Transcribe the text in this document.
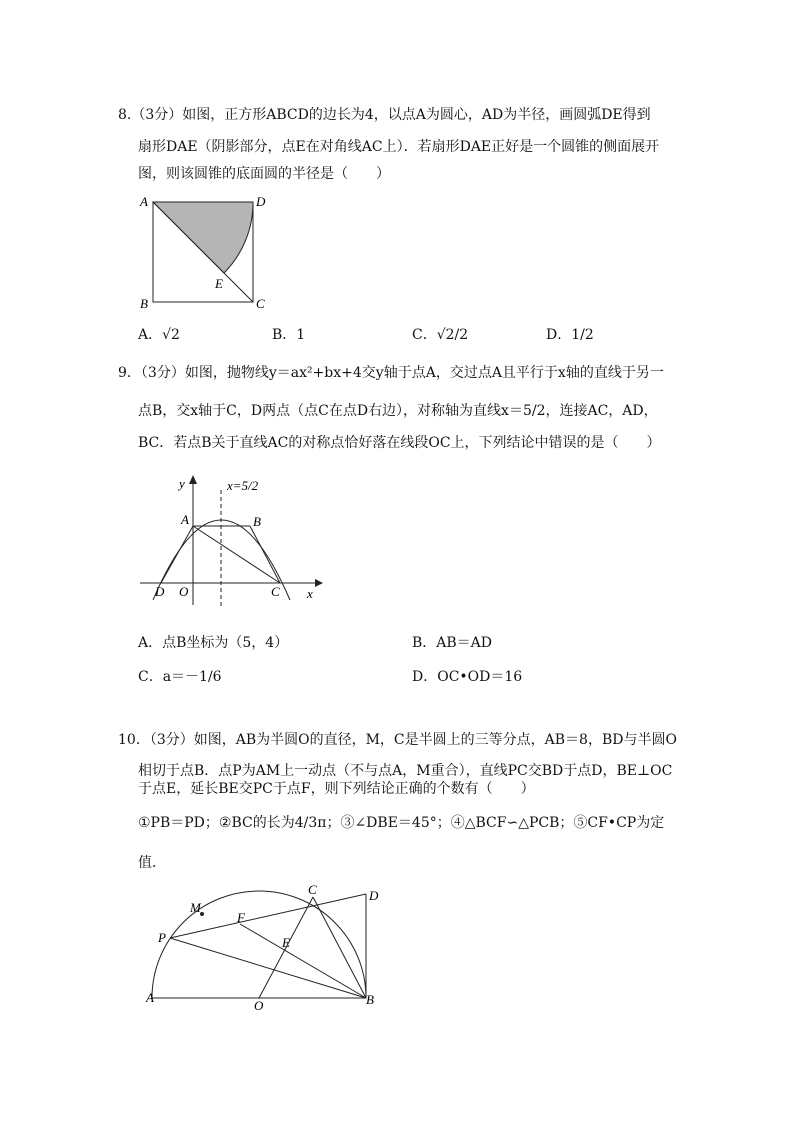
8.（3分）如图，正方形ABCD的边长为4，以点A为圆心，AD为半径，画圆弧DE得到
扇形DAE（阴影部分，点E在对角线AC上）．若扇形DAE正好是一个圆锥的侧面展开
图，则该圆锥的底面圆的半径是（　　）
A
B	C
D
E
A．√2	B．1	C．√2/2	D．1/2
9．（3分）如图，抛物线y＝ax²+bx+4交y轴于点A，交过点A且平行于x轴的直线于另一
点B，交x轴于C，D两点（点C在点D右边），对称轴为直线x＝5/2，连接AC，AD，
BC．若点B关于直线AC的对称点恰好落在线段OC上，下列结论中错误的是（　　）
y
x
A	B
C
D O
x=5/2
A．点B坐标为（5，4）	B．AB＝AD
C．a＝－1/6	D．OC•OD＝16
10．（3分）如图，AB为半圆O的直径，M，C是半圆上的三等分点，AB＝8，BD与半圆O
相切于点B．点P为AM上一动点（不与点A，M重合），直线PC交BD于点D，BE⊥OC
于点E，延长BE交PC于点F，则下列结论正确的个数有（　　）
①PB＝PD；②BC的长为4/3π；③∠DBE＝45°；④△BCF∽△PCB；⑤CF•CP为定
值．
M
C	D
F
P	E
A
O	B
